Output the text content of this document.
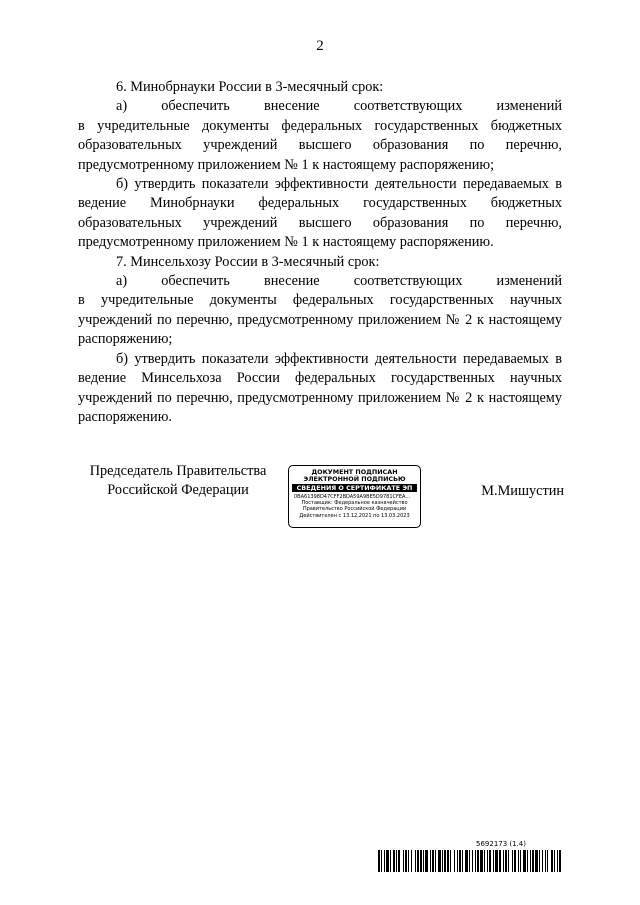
2

6. Минобрнауки России в 3-месячный срок:

а) обеспечить внесение соответствующих изменений

в учредительные документы федеральных государственных бюджетных образовательных учреждений высшего образования по перечню, предусмотренному приложением № 1 к настоящему распоряжению;

б) утвердить показатели эффективности деятельности передаваемых в ведение Минобрнауки федеральных государственных бюджетных образовательных учреждений высшего образования по перечню, предусмотренному приложением № 1 к настоящему распоряжению.

7. Минсельхозу России в 3-месячный срок:

а) обеспечить внесение соответствующих изменений

в учредительные документы федеральных государственных научных учреждений по перечню, предусмотренному приложением № 2 к настоящему распоряжению;

б) утвердить показатели эффективности деятельности передаваемых в ведение Минсельхоза России федеральных государственных научных учреждений по перечню, предусмотренному приложением № 2 к настоящему распоряжению.

Председатель Правительства
Российской Федерации
ДОКУМЕНТ ПОДПИСАН
ЭЛЕКТРОННОЙ ПОДПИСЬЮ
СВЕДЕНИЯ О СЕРТИФИКАТЕ ЭП
0BA61398D47CFF2BDA59A9BE5D9781CFEA...
Поставщик: Федеральное казначейство
Правительство Российской Федерации
Действителен с 13.12.2021 по 13.03.2023
М.Мишустин
5692173 (1.4)
